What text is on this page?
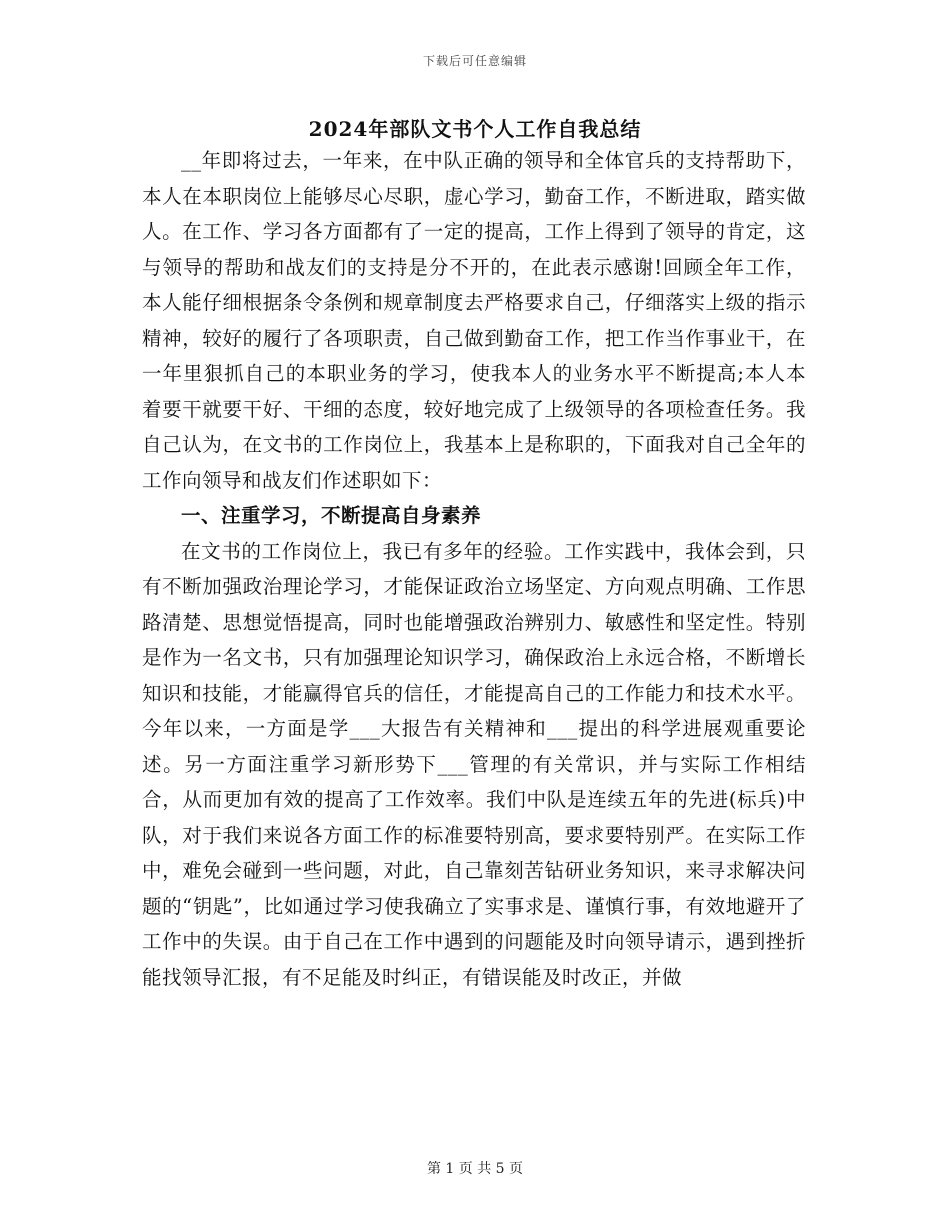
下载后可任意编辑
2024年部队文书个人工作自我总结

__年即将过去，一年来，在中队正确的领导和全体官兵的支持帮助下，本人在本职岗位上能够尽心尽职，虚心学习，勤奋工作，不断进取，踏实做人。在工作、学习各方面都有了一定的提高，工作上得到了领导的肯定，这与领导的帮助和战友们的支持是分不开的，在此表示感谢!回顾全年工作，本人能仔细根据条令条例和规章制度去严格要求自己，仔细落实上级的指示精神，较好的履行了各项职责，自己做到勤奋工作，把工作当作事业干，在一年里狠抓自己的本职业务的学习，使我本人的业务水平不断提高;本人本着要干就要干好、干细的态度，较好地完成了上级领导的各项检查任务。我自己认为，在文书的工作岗位上，我基本上是称职的，下面我对自己全年的工作向领导和战友们作述职如下：

一、注重学习，不断提高自身素养

在文书的工作岗位上，我已有多年的经验。工作实践中，我体会到，只有不断加强政治理论学习，才能保证政治立场坚定、方向观点明确、工作思路清楚、思想觉悟提高，同时也能增强政治辨别力、敏感性和坚定性。特别是作为一名文书，只有加强理论知识学习，确保政治上永远合格，不断增长知识和技能，才能赢得官兵的信任，才能提高自己的工作能力和技术水平。今年以来，一方面是学___大报告有关精神和___提出的科学进展观重要论述。另一方面注重学习新形势下___管理的有关常识，并与实际工作相结合，从而更加有效的提高了工作效率。我们中队是连续五年的先进(标兵)中队，对于我们来说各方面工作的标准要特别高，要求要特别严。在实际工作中，难免会碰到一些问题，对此，自己靠刻苦钻研业务知识，来寻求解决问题的“钥匙”，比如通过学习使我确立了实事求是、谨慎行事，有效地避开了工作中的失误。由于自己在工作中遇到的问题能及时向领导请示，遇到挫折能找领导汇报，有不足能及时纠正，有错误能及时改正，并做

第 1 页 共 5 页
